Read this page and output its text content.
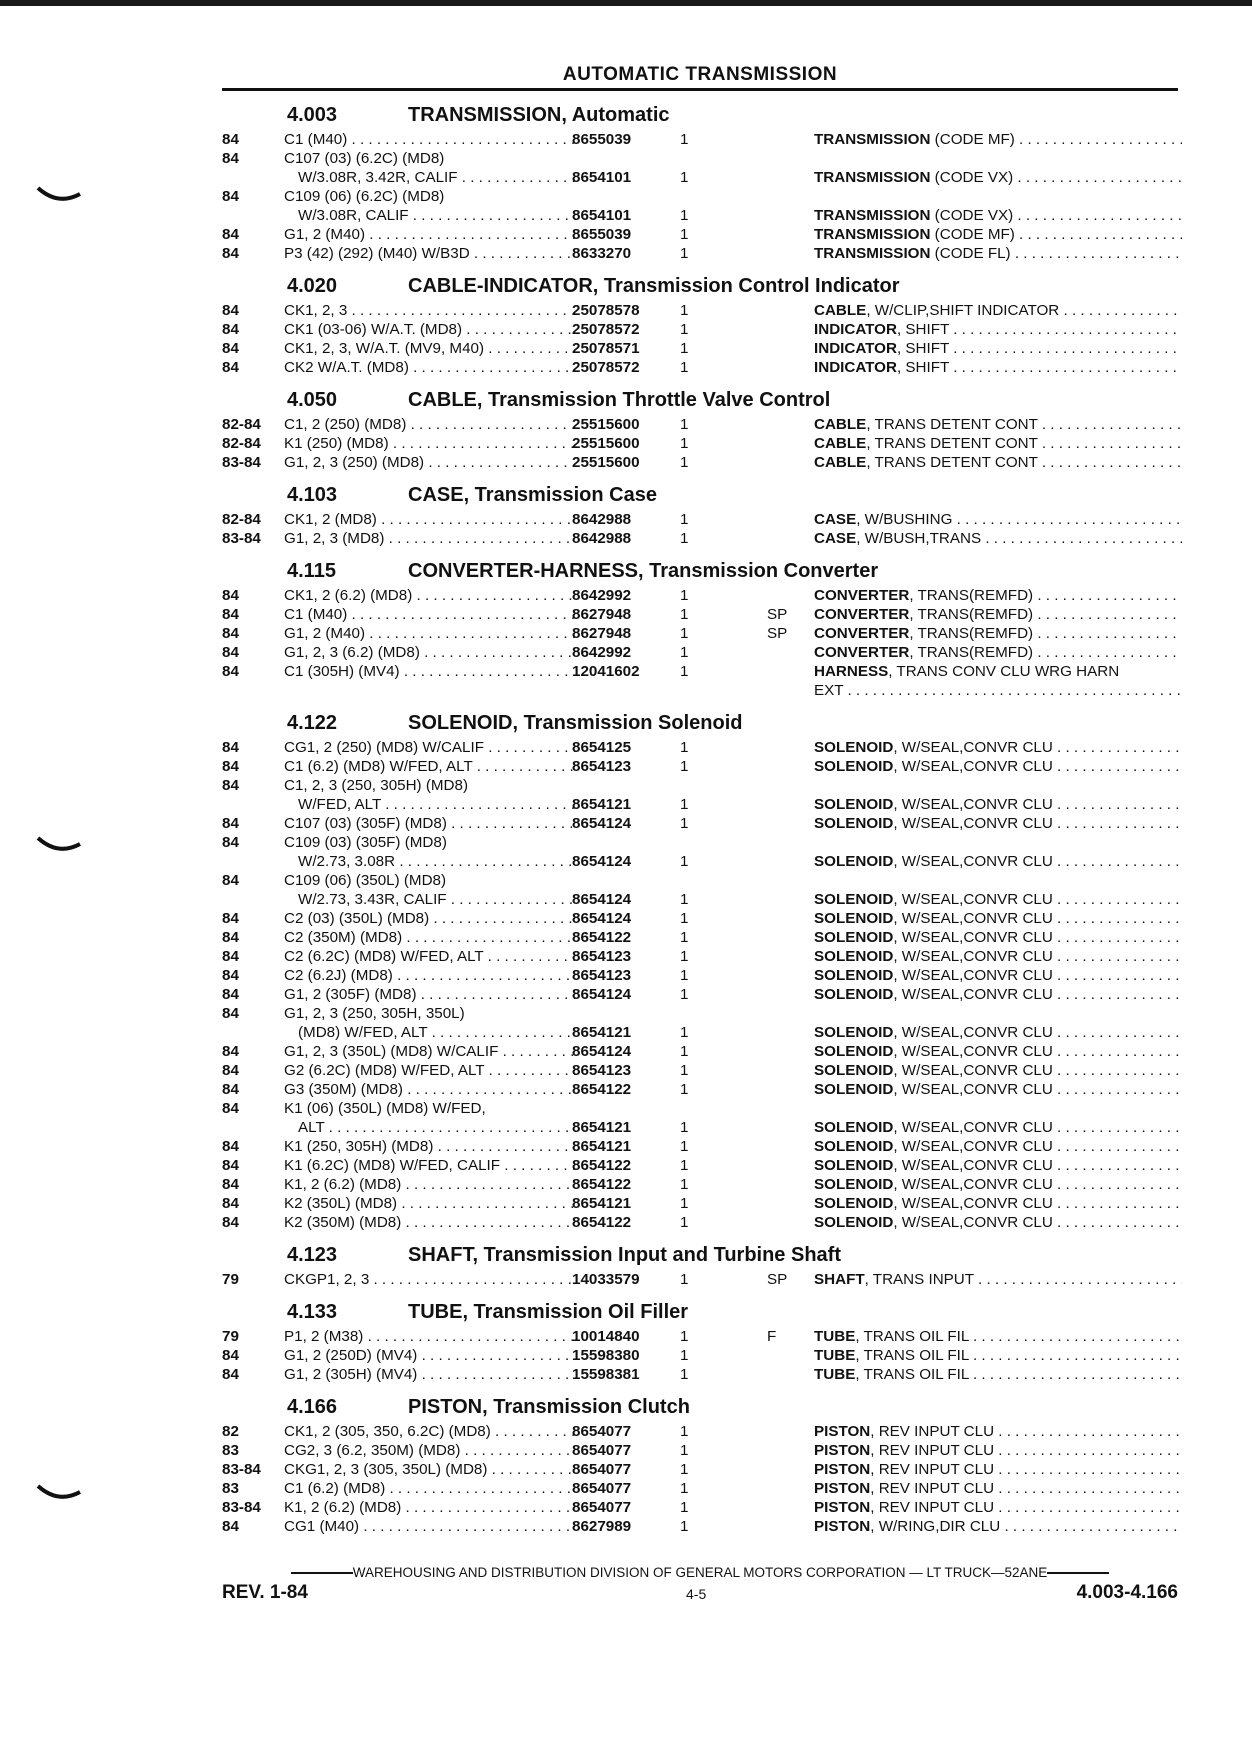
AUTOMATIC TRANSMISSION
4.003	TRANSMISSION, Automatic
84	C1 (M40) . . .	8655039	1	TRANSMISSION (CODE MF) . . .
84	C107 (03) (6.2C) (MD8)
W/3.08R, 3.42R, CALIF . . .	8654101	1	TRANSMISSION (CODE VX) . . .
84	C109 (06) (6.2C) (MD8)
W/3.08R, CALIF . . .	8654101	1	TRANSMISSION (CODE VX) . . .
84	G1, 2 (M40) . . .	8655039	1	TRANSMISSION (CODE MF) . . .
84	P3 (42) (292) (M40) W/B3D . . .	8633270	1	TRANSMISSION (CODE FL) . . .
4.020	CABLE-INDICATOR, Transmission Control Indicator
84	CK1, 2, 3 . . .	25078578	1	CABLE, W/CLIP,SHIFT INDICATOR . . .
84	CK1 (03-06) W/A.T. (MD8) . . .	25078572	1	INDICATOR, SHIFT . . .
84	CK1, 2, 3, W/A.T. (MV9, M40) . . .	25078571	1	INDICATOR, SHIFT . . .
84	CK2 W/A.T. (MD8) . . .	25078572	1	INDICATOR, SHIFT . . .
4.050	CABLE, Transmission Throttle Valve Control
82-84 C1, 2 (250) (MD8) . . .	25515600	1	CABLE, TRANS DETENT CONT . . .
82-84 K1 (250) (MD8) . . .	25515600	1	CABLE, TRANS DETENT CONT . . .
83-84 G1, 2, 3 (250) (MD8) . . .	25515600	1	CABLE, TRANS DETENT CONT . . .
4.103	CASE, Transmission Case
82-84 CK1, 2 (MD8) . . .	8642988	1	CASE, W/BUSHING . . .
83-84 G1, 2, 3 (MD8) . . .	8642988	1	CASE, W/BUSH,TRANS . . .
4.115	CONVERTER-HARNESS, Transmission Converter
84	CK1, 2 (6.2) (MD8) . . .	8642992	1	CONVERTER, TRANS(REMFD) . . .
84	C1 (M40) . . .	8627948	1	SP CONVERTER, TRANS(REMFD) . . .
84	G1, 2 (M40) . . .	8627948	1	SP CONVERTER, TRANS(REMFD) . . .
84	G1, 2, 3 (6.2) (MD8) . . .	8642992	1	CONVERTER, TRANS(REMFD) . . .
84	C1 (305H) (MV4) . . .	12041602	1	HARNESS, TRANS CONV CLU WRG HARN
EXT . . .
4.122	SOLENOID, Transmission Solenoid
84	CG1, 2 (250) (MD8) W/CALIF . . .	8654125	1	SOLENOID, W/SEAL,CONVR CLU . . .
84	C1 (6.2) (MD8) W/FED, ALT . . .	8654123	1	SOLENOID, W/SEAL,CONVR CLU . . .
84	C1, 2, 3 (250, 305H) (MD8)
W/FED, ALT . . .	8654121	1	SOLENOID, W/SEAL,CONVR CLU . . .
84	C107 (03) (305F) (MD8) . . .	8654124	1	SOLENOID, W/SEAL,CONVR CLU . . .
84	C109 (03) (305F) (MD8)
W/2.73, 3.08R . . .	8654124	1	SOLENOID, W/SEAL,CONVR CLU . . .
84	C109 (06) (350L) (MD8)
W/2.73, 3.43R, CALIF . . .	8654124	1	SOLENOID, W/SEAL,CONVR CLU . . .
84	C2 (03) (350L) (MD8) . . .	8654124	1	SOLENOID, W/SEAL,CONVR CLU . . .
84	C2 (350M) (MD8) . . .	8654122	1	SOLENOID, W/SEAL,CONVR CLU . . .
84	C2 (6.2C) (MD8) W/FED, ALT . . .	8654123	1	SOLENOID, W/SEAL,CONVR CLU . . .
84	C2 (6.2J) (MD8) . . .	8654123	1	SOLENOID, W/SEAL,CONVR CLU . . .
84	G1, 2 (305F) (MD8) . . .	8654124	1	SOLENOID, W/SEAL,CONVR CLU . . .
84	G1, 2, 3 (250, 305H, 350L)
(MD8) W/FED, ALT . . .	8654121	1	SOLENOID, W/SEAL,CONVR CLU . . .
84	G1, 2, 3 (350L) (MD8) W/CALIF . . .	8654124	1	SOLENOID, W/SEAL,CONVR CLU . . .
84	G2 (6.2C) (MD8) W/FED, ALT . . .	8654123	1	SOLENOID, W/SEAL,CONVR CLU . . .
84	G3 (350M) (MD8) . . .	8654122	1	SOLENOID, W/SEAL,CONVR CLU . . .
84	K1 (06) (350L) (MD8) W/FED,
ALT . . .	8654121	1	SOLENOID, W/SEAL,CONVR CLU . . .
84	K1 (250, 305H) (MD8) . . .	8654121	1	SOLENOID, W/SEAL,CONVR CLU . . .
84	K1 (6.2C) (MD8) W/FED, CALIF . . .	8654122	1	SOLENOID, W/SEAL,CONVR CLU . . .
84	K1, 2 (6.2) (MD8) . . .	8654122	1	SOLENOID, W/SEAL,CONVR CLU . . .
84	K2 (350L) (MD8) . . .	8654121	1	SOLENOID, W/SEAL,CONVR CLU . . .
84	K2 (350M) (MD8) . . .	8654122	1	SOLENOID, W/SEAL,CONVR CLU . . .
4.123	SHAFT, Transmission Input and Turbine Shaft
79	CKGP1, 2, 3 . . .	14033579	1	SP SHAFT, TRANS INPUT . . .
4.133	TUBE, Transmission Oil Filler
79	P1, 2 (M38) . . .	10014840	1	F TUBE, TRANS OIL FIL . . .
84	G1, 2 (250D) (MV4) . . .	15598380	1	TUBE, TRANS OIL FIL . . .
84	G1, 2 (305H) (MV4) . . .	15598381	1	TUBE, TRANS OIL FIL . . .
4.166	PISTON, Transmission Clutch
82	CK1, 2 (305, 350, 6.2C) (MD8) . . .	8654077	1	PISTON, REV INPUT CLU . . .
83	CG2, 3 (6.2, 350M) (MD8) . . .	8654077	1	PISTON, REV INPUT CLU . . .
83-84 CKG1, 2, 3 (305, 350L) (MD8) . . .	8654077	1	PISTON, REV INPUT CLU . . .
83	C1 (6.2) (MD8) . . .	8654077	1	PISTON, REV INPUT CLU . . .
83-84 K1, 2 (6.2) (MD8) . . .	8654077	1	PISTON, REV INPUT CLU . . .
84	CG1 (M40) . . .	8627989	1	PISTON, W/RING,DIR CLU . . .
WAREHOUSING AND DISTRIBUTION DIVISION OF GENERAL MOTORS CORPORATION — LT TRUCK—52ANE
REV. 1-84	4-5	4.003-4.166
